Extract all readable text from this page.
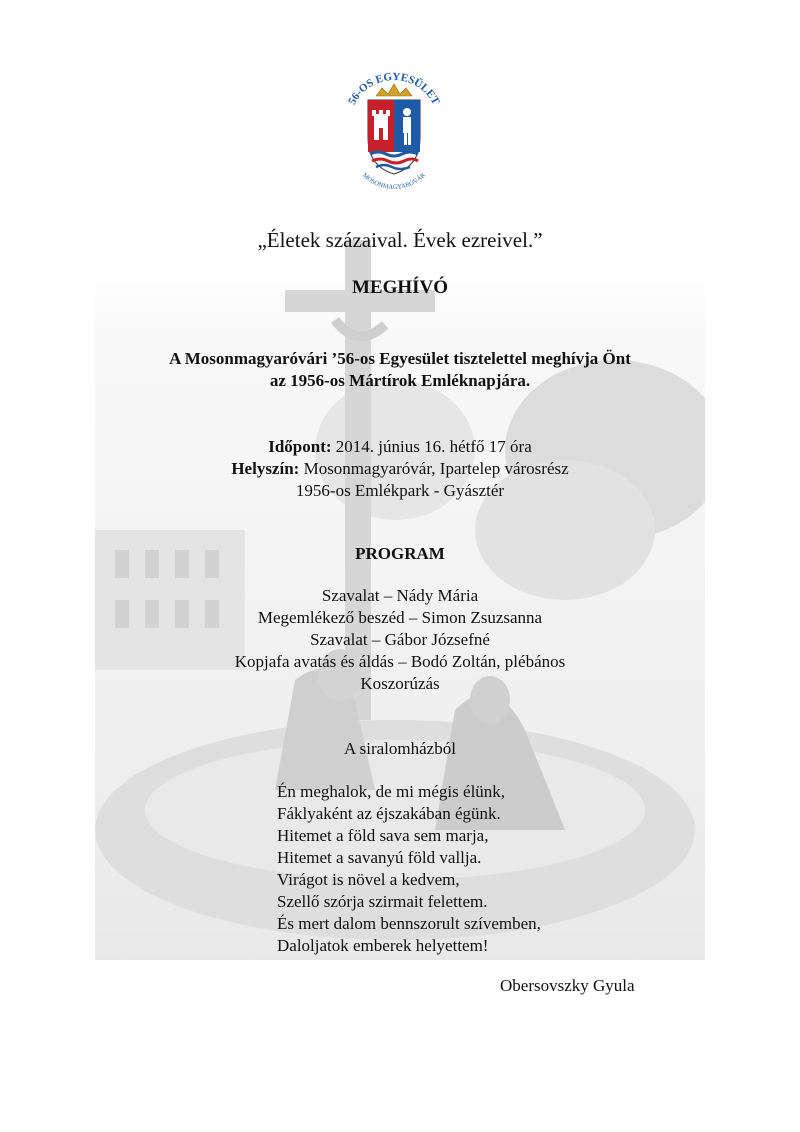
56-OS EGYESÜLET
MOSONMAGYARÓVÁR
„Életek százaival. Évek ezreivel.”
MEGHÍVÓ
A Mosonmagyaróvári ’56-os Egyesület tisztelettel meghívja Önt
az 1956-os Mártírok Emléknapjára.
Időpont: 2014. június 16. hétfő 17 óra
Helyszín: Mosonmagyaróvár, Ipartelep városrész
1956-os Emlékpark - Gyásztér
PROGRAM
Szavalat – Nády Mária
Megemlékező beszéd – Simon Zsuzsanna
Szavalat – Gábor Józsefné
Kopjafa avatás és áldás – Bodó Zoltán, plébános
Koszorúzás
A siralomházból
Én meghalok, de mi mégis élünk,
Fáklyaként az éjszakában égünk.
Hitemet a föld sava sem marja,
Hitemet a savanyú föld vallja.
Virágot is növel a kedvem,
Szellő szórja szirmait felettem.
És mert dalom bennszorult szívemben,
Daloljatok emberek helyettem!
Obersovszky Gyula
